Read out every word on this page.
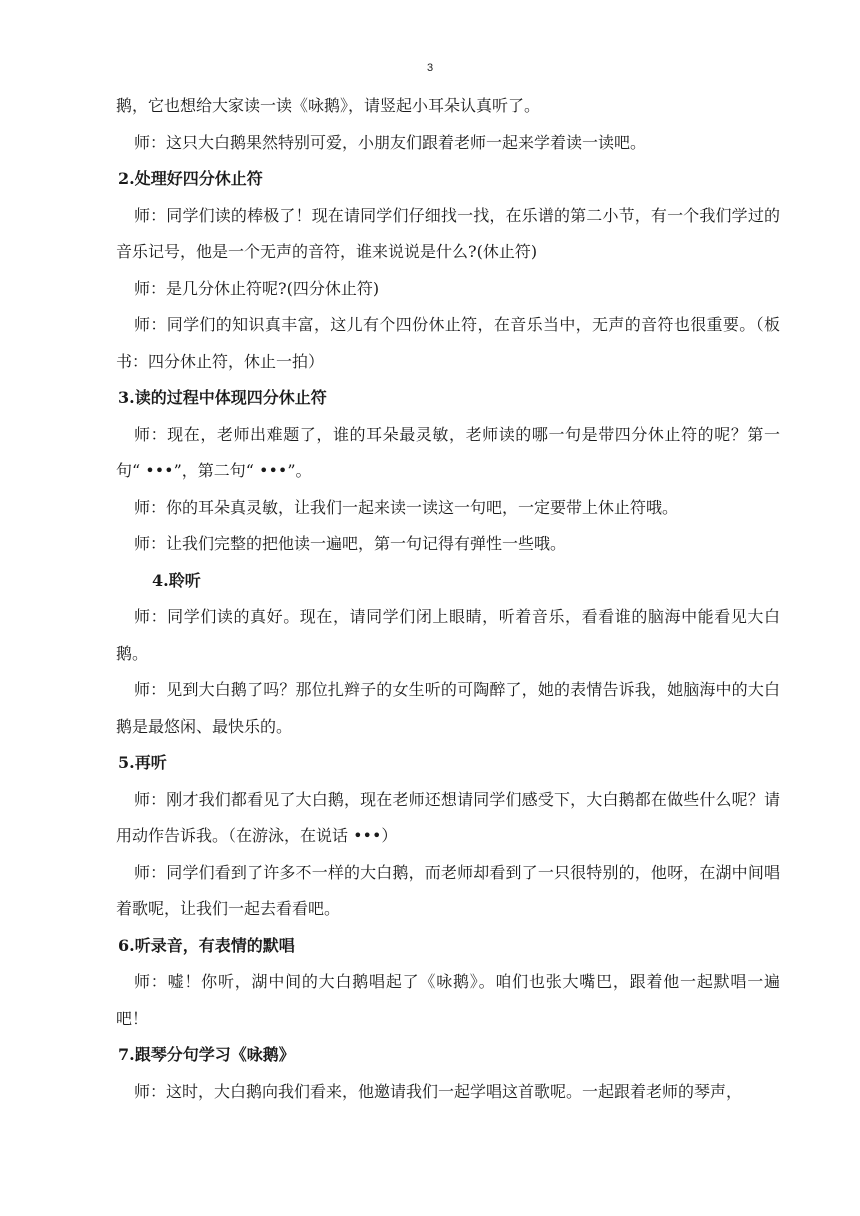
3

鹅，它也想给大家读一读《咏鹅》，请竖起小耳朵认真听了。

师：这只大白鹅果然特别可爱，小朋友们跟着老师一起来学着读一读吧。

2.处理好四分休止符

师：同学们读的棒极了！现在请同学们仔细找一找，在乐谱的第二小节，有一个我们学过的音乐记号，他是一个无声的音符，谁来说说是什么?(休止符)

师：是几分休止符呢?(四分休止符)

师：同学们的知识真丰富，这儿有个四份休止符，在音乐当中，无声的音符也很重要。（板书：四分休止符，休止一拍）

3.读的过程中体现四分休止符

师：现在，老师出难题了，谁的耳朵最灵敏，老师读的哪一句是带四分休止符的呢？第一句“ •••”，第二句“ •••”。

师：你的耳朵真灵敏，让我们一起来读一读这一句吧，一定要带上休止符哦。

师：让我们完整的把他读一遍吧，第一句记得有弹性一些哦。

4.聆听

师：同学们读的真好。现在，请同学们闭上眼睛，听着音乐，看看谁的脑海中能看见大白鹅。

师：见到大白鹅了吗？那位扎辫子的女生听的可陶醉了，她的表情告诉我，她脑海中的大白鹅是最悠闲、最快乐的。

5.再听

师：刚才我们都看见了大白鹅，现在老师还想请同学们感受下，大白鹅都在做些什么呢？请用动作告诉我。（在游泳，在说话 •••）

师：同学们看到了许多不一样的大白鹅，而老师却看到了一只很特别的，他呀，在湖中间唱着歌呢，让我们一起去看看吧。

6.听录音，有表情的默唱

师：嘘！你听，湖中间的大白鹅唱起了《咏鹅》。咱们也张大嘴巴，跟着他一起默唱一遍吧！

7.跟琴分句学习《咏鹅》

师：这时，大白鹅向我们看来，他邀请我们一起学唱这首歌呢。一起跟着老师的琴声，
